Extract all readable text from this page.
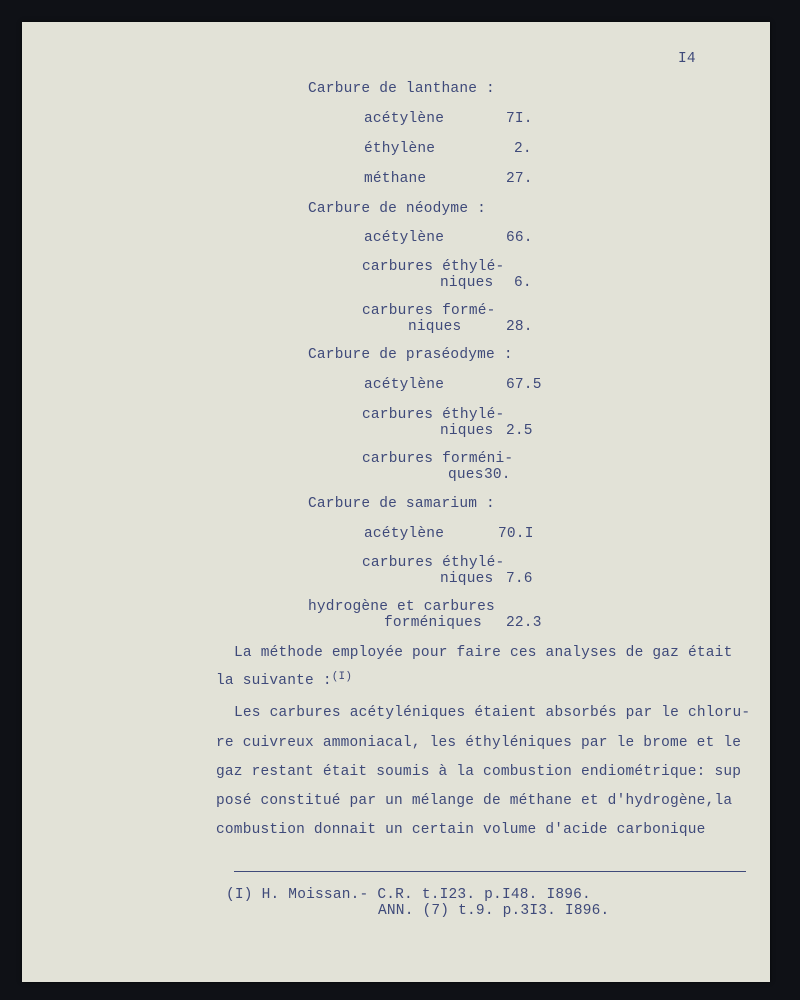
I4
Carbure de lanthane :
acétylène	7I.
éthylène	2.
méthane	27.
Carbure de néodyme :
acétylène	66.
carbures éthylé-
niques 6.
carbures formé-
niques	28.
Carbure de praséodyme :
acétylène	67.5
carbures éthylé-
niques 2.5
carbures forméni-
ques 30.
Carbure de samarium :
acétylène	70.I
carbures éthylé-
niques 7.6
hydrogène et carbures
forméniques 22.3
La méthode employée pour faire ces analyses de gaz était
la suivante :$^{(I)}$
Les carbures acétyléniques étaient absorbés par le chloru-
re cuivreux ammoniacal, les éthyléniques par le brome et le
gaz restant était soumis à la combustion endiométrique: sup
posé constitué par un mélange de méthane et d'hydrogène,la
combustion donnait un certain volume d'acide carbonique
(I) H. Moissan.- C.R. t.I23. p.I48. I896.
ANN. (7) t.9. p.3I3. I896.
